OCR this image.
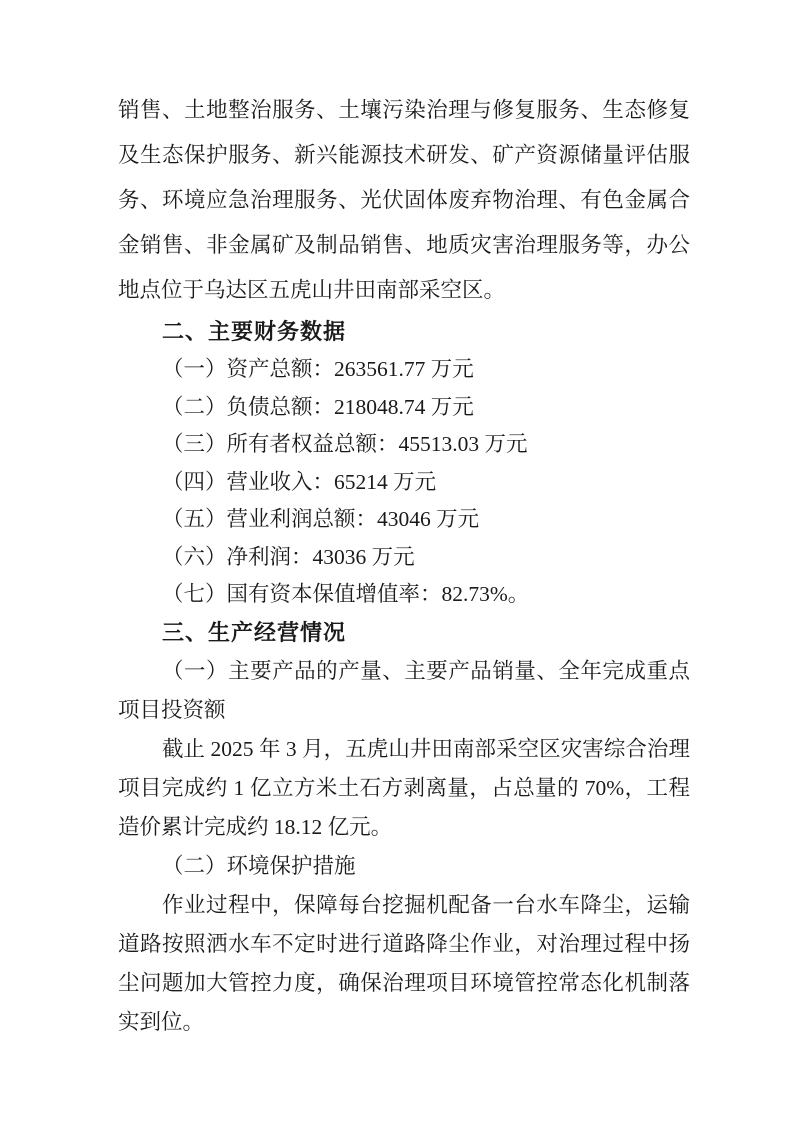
销售、土地整治服务、土壤污染治理与修复服务、生态修复及生态保护服务、新兴能源技术研发、矿产资源储量评估服务、环境应急治理服务、光伏固体废弃物治理、有色金属合金销售、非金属矿及制品销售、地质灾害治理服务等，办公地点位于乌达区五虎山井田南部采空区。

二、主要财务数据

（一）资产总额：263561.77 万元

（二）负债总额：218048.74 万元

（三）所有者权益总额：45513.03 万元

（四）营业收入：65214 万元

（五）营业利润总额：43046 万元

（六）净利润：43036 万元

（七）国有资本保值增值率：82.73%。

三、生产经营情况

（一）主要产品的产量、主要产品销量、全年完成重点项目投资额

截止 2025 年 3 月，五虎山井田南部采空区灾害综合治理项目完成约 1 亿立方米土石方剥离量，占总量的 70%，工程造价累计完成约 18.12 亿元。

（二）环境保护措施

作业过程中，保障每台挖掘机配备一台水车降尘，运输道路按照洒水车不定时进行道路降尘作业，对治理过程中扬尘问题加大管控力度，确保治理项目环境管控常态化机制落实到位。
